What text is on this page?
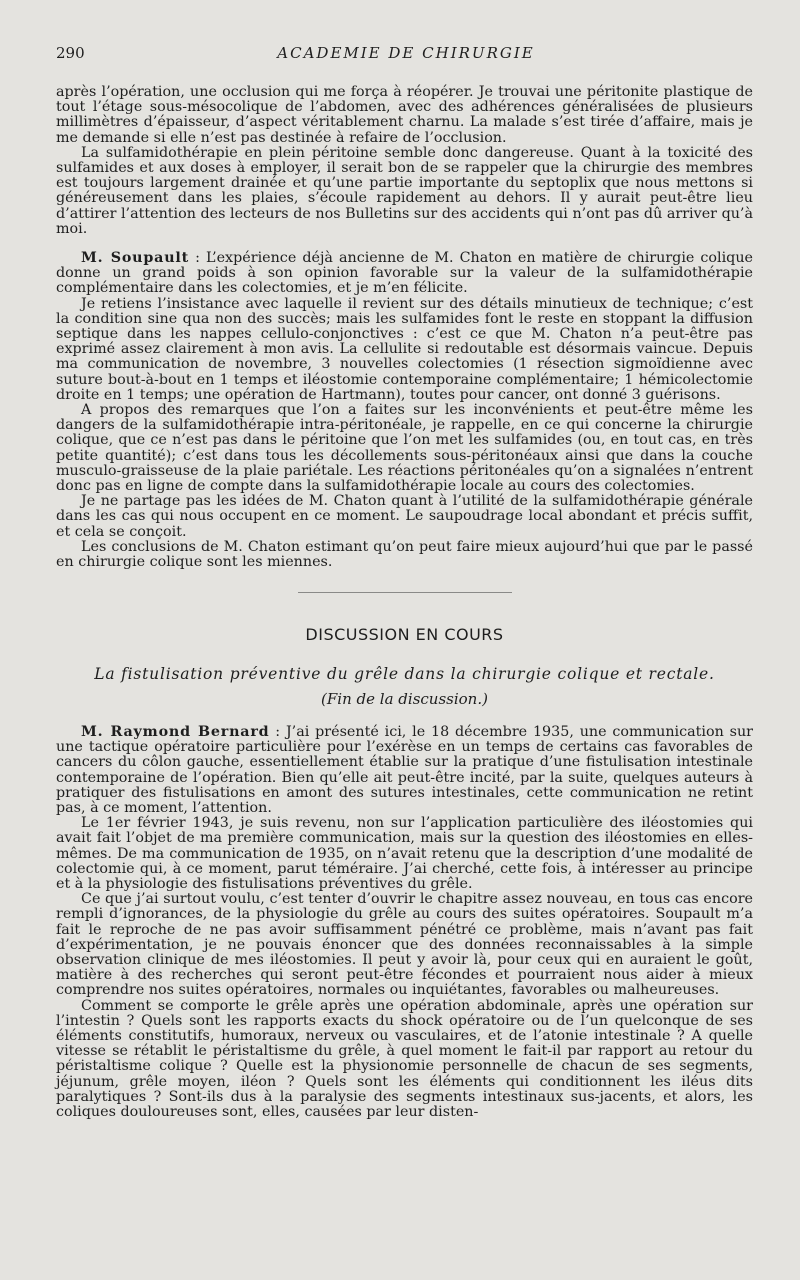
290	ACADEMIE DE CHIRURGIE

après l’opération, une occlusion qui me força à réopérer. Je trouvai une péritonite plastique de tout l’étage sous-mésocolique de l’abdomen, avec des adhérences généralisées de plusieurs millimètres d’épaisseur, d’aspect véritablement charnu. La malade s’est tirée d’affaire, mais je me demande si elle n’est pas destinée à refaire de l’occlusion.

La sulfamidothérapie en plein péritoine semble donc dangereuse. Quant à la toxicité des sulfamides et aux doses à employer, il serait bon de se rappeler que la chirurgie des membres est toujours largement drainée et qu’une partie importante du septoplix que nous mettons si généreusement dans les plaies, s’écoule rapidement au dehors. Il y aurait peut-être lieu d’attirer l’attention des lecteurs de nos Bulletins sur des accidents qui n’ont pas dû arriver qu’à moi.

M. Soupault : L’expérience déjà ancienne de M. Chaton en matière de chirurgie colique donne un grand poids à son opinion favorable sur la valeur de la sulfamidothérapie complémentaire dans les colectomies, et je m’en félicite.

Je retiens l’insistance avec laquelle il revient sur des détails minutieux de technique; c’est la condition sine qua non des succès; mais les sulfamides font le reste en stoppant la diffusion septique dans les nappes cellulo-conjonctives : c’est ce que M. Chaton n’a peut-être pas exprimé assez clairement à mon avis. La cellulite si redoutable est désormais vaincue. Depuis ma communication de novembre, 3 nouvelles colectomies (1 résection sigmoïdienne avec suture bout-à-bout en 1 temps et iléostomie contemporaine complémentaire; 1 hémicolectomie droite en 1 temps; une opération de Hartmann), toutes pour cancer, ont donné 3 guérisons.

A propos des remarques que l’on a faites sur les inconvénients et peut-être même les dangers de la sulfamidothérapie intra-péritonéale, je rappelle, en ce qui concerne la chirurgie colique, que ce n’est pas dans le péritoine que l’on met les sulfamides (ou, en tout cas, en très petite quantité); c’est dans tous les décollements sous-péritonéaux ainsi que dans la couche musculo-graisseuse de la plaie pariétale. Les réactions péritonéales qu’on a signalées n’entrent donc pas en ligne de compte dans la sulfamidothérapie locale au cours des colectomies.

Je ne partage pas les idées de M. Chaton quant à l’utilité de la sulfamidothérapie générale dans les cas qui nous occupent en ce moment. Le saupoudrage local abondant et précis suffit, et cela se conçoit.

Les conclusions de M. Chaton estimant qu’on peut faire mieux aujourd’hui que par le passé en chirurgie colique sont les miennes.

DISCUSSION EN COURS
La fistulisation préventive du grêle dans la chirurgie colique et rectale.
(Fin de la discussion.)

M. Raymond Bernard : J’ai présenté ici, le 18 décembre 1935, une communication sur une tactique opératoire particulière pour l’exérèse en un temps de certains cas favorables de cancers du côlon gauche, essentiellement établie sur la pratique d’une fistulisation intestinale contemporaine de l’opération. Bien qu’elle ait peut-être incité, par la suite, quelques auteurs à pratiquer des fistulisations en amont des sutures intestinales, cette communication ne retint pas, à ce moment, l’attention.

Le 1er février 1943, je suis revenu, non sur l’application particulière des iléostomies qui avait fait l’objet de ma première communication, mais sur la question des iléostomies en elles-mêmes. De ma communication de 1935, on n’avait retenu que la description d’une modalité de colectomie qui, à ce moment, parut téméraire. J’ai cherché, cette fois, à intéresser au principe et à la physiologie des fistulisations préventives du grêle.

Ce que j’ai surtout voulu, c’est tenter d’ouvrir le chapitre assez nouveau, en tous cas encore rempli d’ignorances, de la physiologie du grêle au cours des suites opératoires. Soupault m’a fait le reproche de ne pas avoir suffisamment pénétré ce problème, mais n’avant pas fait d’expérimentation, je ne pouvais énoncer que des données reconnaissables à la simple observation clinique de mes iléostomies. Il peut y avoir là, pour ceux qui en auraient le goût, matière à des recherches qui seront peut-être fécondes et pourraient nous aider à mieux comprendre nos suites opératoires, normales ou inquiétantes, favorables ou malheureuses.

Comment se comporte le grêle après une opération abdominale, après une opération sur l’intestin ? Quels sont les rapports exacts du shock opératoire ou de l’un quelconque de ses éléments constitutifs, humoraux, nerveux ou vasculaires, et de l’atonie intestinale ? A quelle vitesse se rétablit le péristaltisme du grêle, à quel moment le fait-il par rapport au retour du péristaltisme colique ? Quelle est la physionomie personnelle de chacun de ses segments, jéjunum, grêle moyen, iléon ? Quels sont les éléments qui conditionnent les iléus dits paralytiques ? Sont-ils dus à la paralysie des segments intestinaux sus-jacents, et alors, les coliques douloureuses sont, elles, causées par leur disten-
